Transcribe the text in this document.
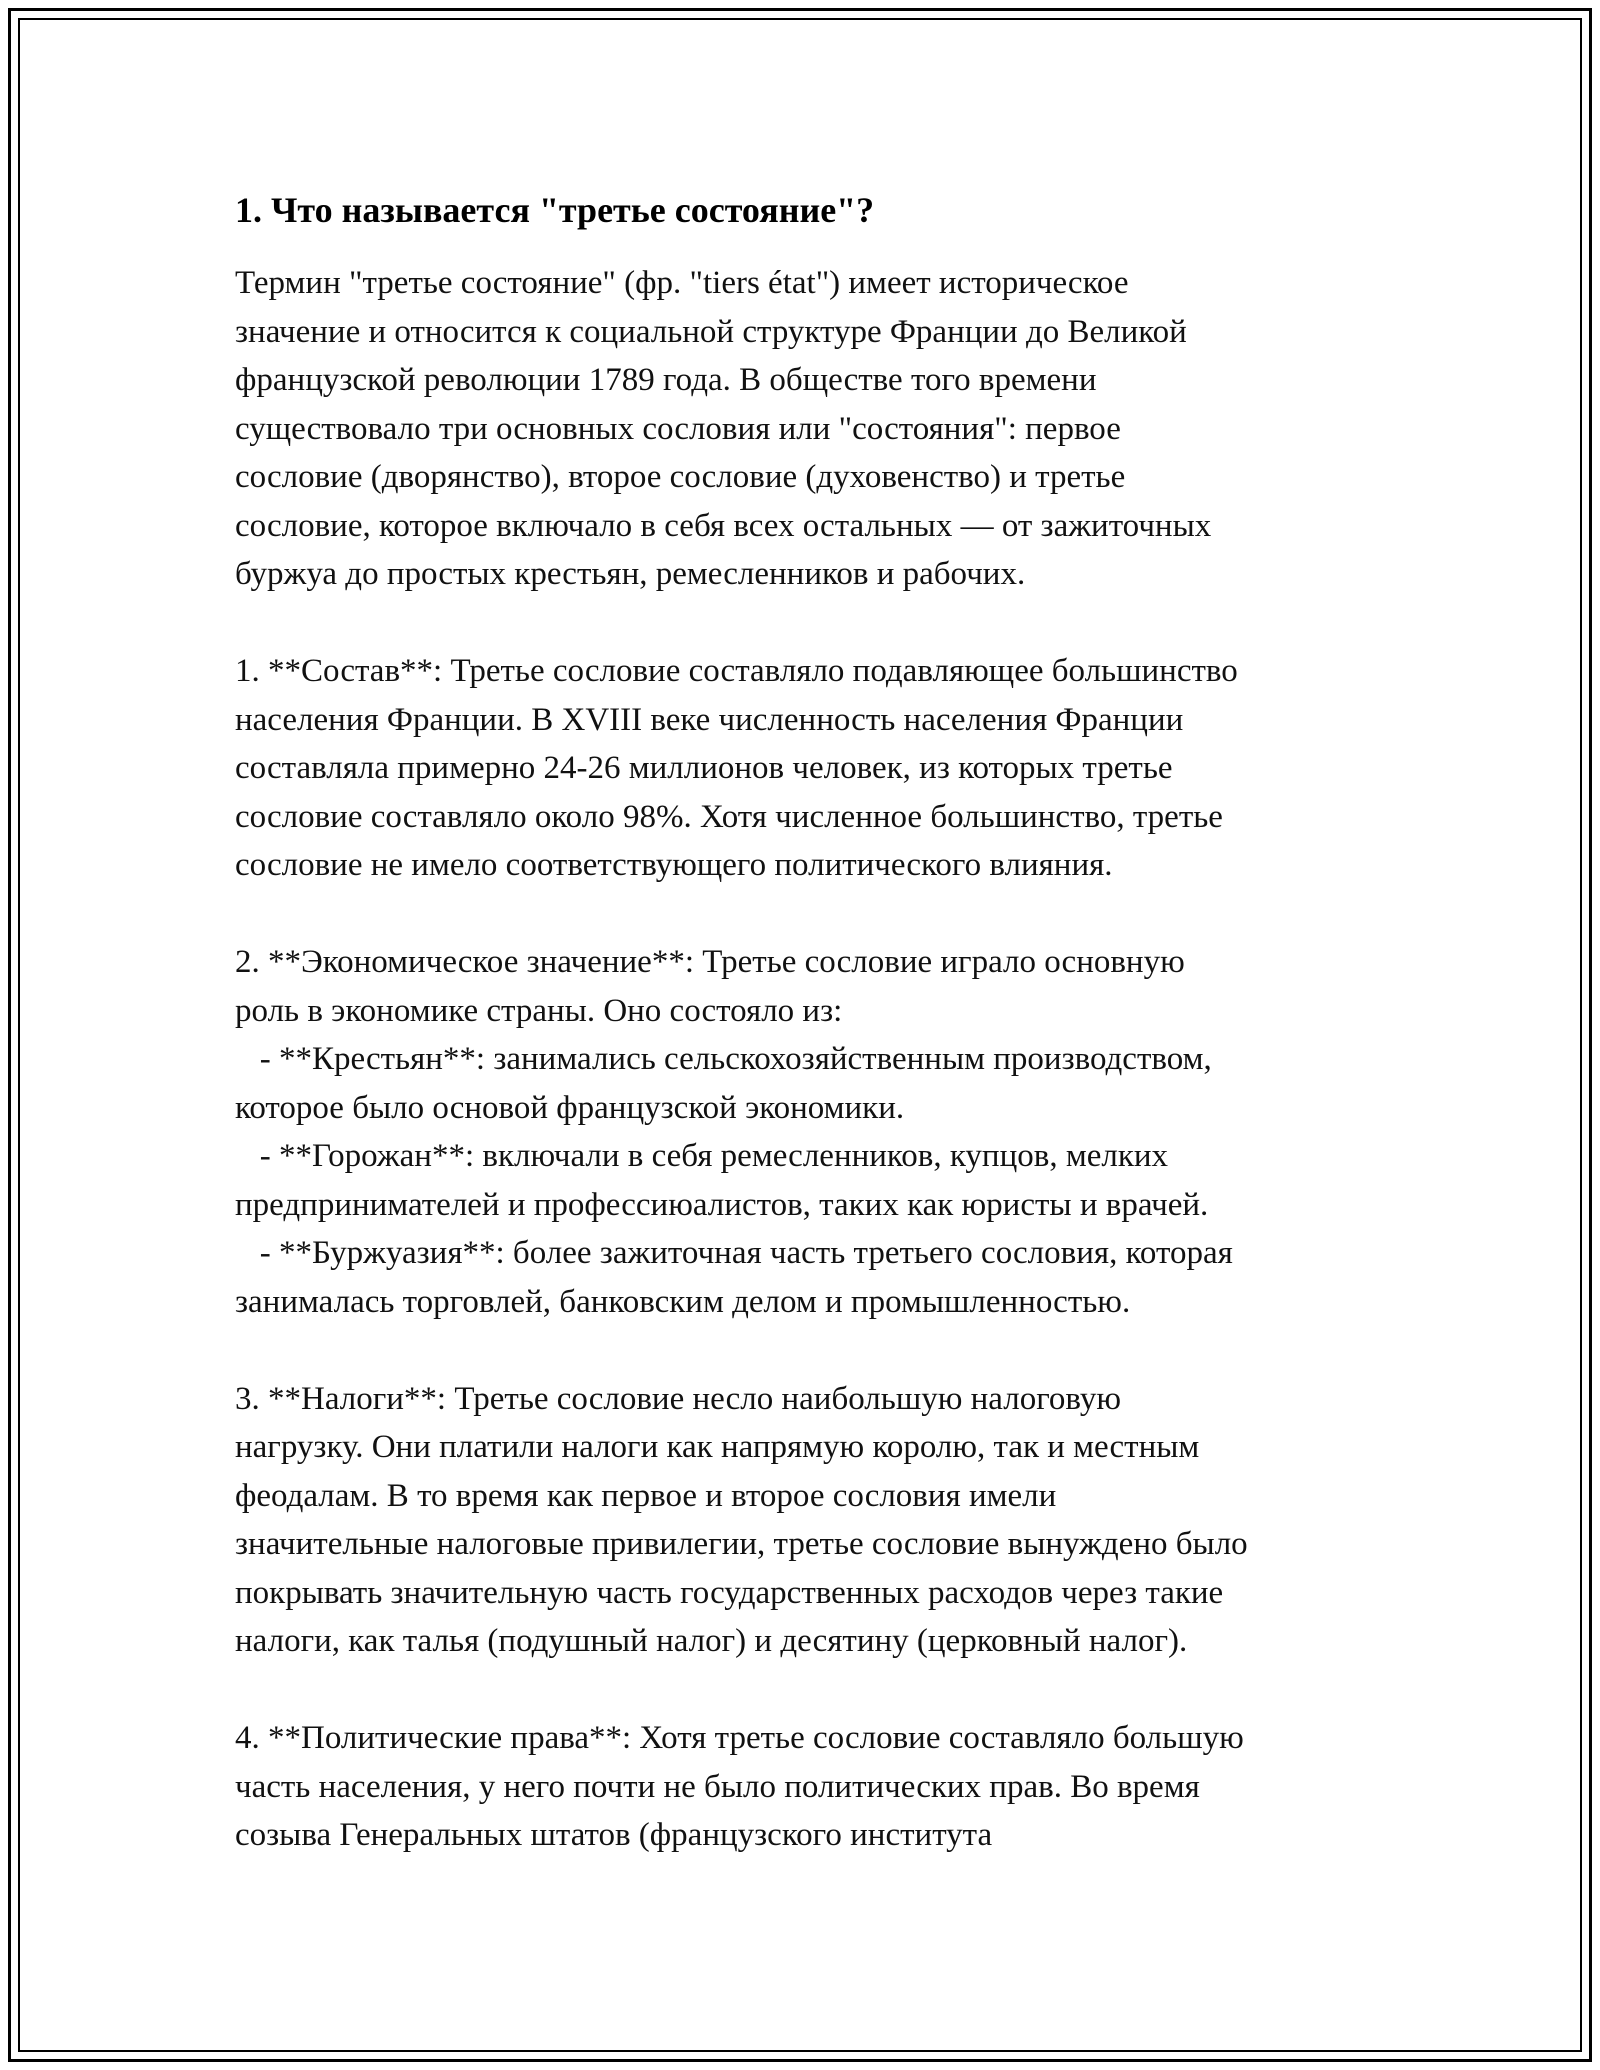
1. Что называется "третье состояние"?

Термин "третье состояние" (фр. "tiers état") имеет историческое
значение и относится к социальной структуре Франции до Великой
французской революции 1789 года. В обществе того времени
существовало три основных сословия или "состояния": первое
сословие (дворянство), второе сословие (духовенство) и третье
сословие, которое включало в себя всех остальных — от зажиточных
буржуа до простых крестьян, ремесленников и рабочих.

1. **Состав**: Третье сословие составляло подавляющее большинство
населения Франции. В XVIII веке численность населения Франции
составляла примерно 24-26 миллионов человек, из которых третье
сословие составляло около 98%. Хотя численное большинство, третье
сословие не имело соответствующего политического влияния.

2. **Экономическое значение**: Третье сословие играло основную
роль в экономике страны. Оно состояло из:
- **Крестьян**: занимались сельскохозяйственным производством,
которое было основой французской экономики.
- **Горожан**: включали в себя ремесленников, купцов, мелких
предпринимателей и профессиюалистов, таких как юристы и врачей.
- **Буржуазия**: более зажиточная часть третьего сословия, которая
занималась торговлей, банковским делом и промышленностью.

3. **Налоги**: Третье сословие несло наибольшую налоговую
нагрузку. Они платили налоги как напрямую королю, так и местным
феодалам. В то время как первое и второе сословия имели
значительные налоговые привилегии, третье сословие вынуждено было
покрывать значительную часть государственных расходов через такие
налоги, как талья (подушный налог) и десятину (церковный налог).

4. **Политические права**: Хотя третье сословие составляло большую
часть населения, у него почти не было политических прав. Во время
созыва Генеральных штатов (французского института
